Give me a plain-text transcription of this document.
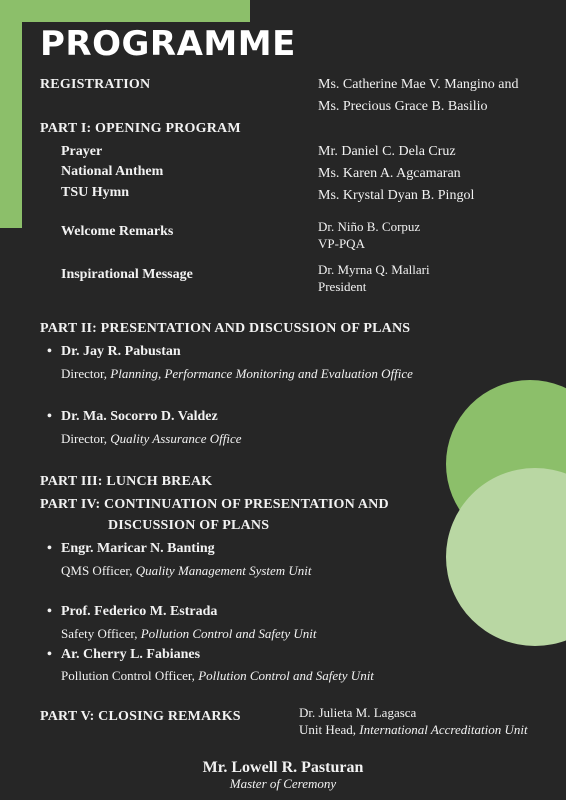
PROGRAMME
REGISTRATION	Ms. Catherine Mae V. Mangino and
Ms. Precious Grace B. Basilio
PART I: OPENING PROGRAM
Prayer	Mr. Daniel C. Dela Cruz
National Anthem	Ms. Karen A. Agcamaran
TSU Hymn	Ms. Krystal Dyan B. Pingol
Welcome Remarks	Dr. Niño B. Corpuz
VP-PQA
Inspirational Message	Dr. Myrna Q. Mallari
President
PART II: PRESENTATION AND DISCUSSION OF PLANS
• Dr. Jay R. Pabustan
Director, Planning, Performance Monitoring and Evaluation Office
• Dr. Ma. Socorro D. Valdez
Director, Quality Assurance Office
PART III: LUNCH BREAK
PART IV: CONTINUATION OF PRESENTATION AND
DISCUSSION OF PLANS
• Engr. Maricar N. Banting
QMS Officer, Quality Management System Unit
• Prof. Federico M. Estrada
Safety Officer, Pollution Control and Safety Unit
• Ar. Cherry L. Fabianes
Pollution Control Officer, Pollution Control and Safety Unit
PART V: CLOSING REMARKS	Dr. Julieta M. Lagasca
Unit Head, International Accreditation Unit
Mr. Lowell R. Pasturan
Master of Ceremony
